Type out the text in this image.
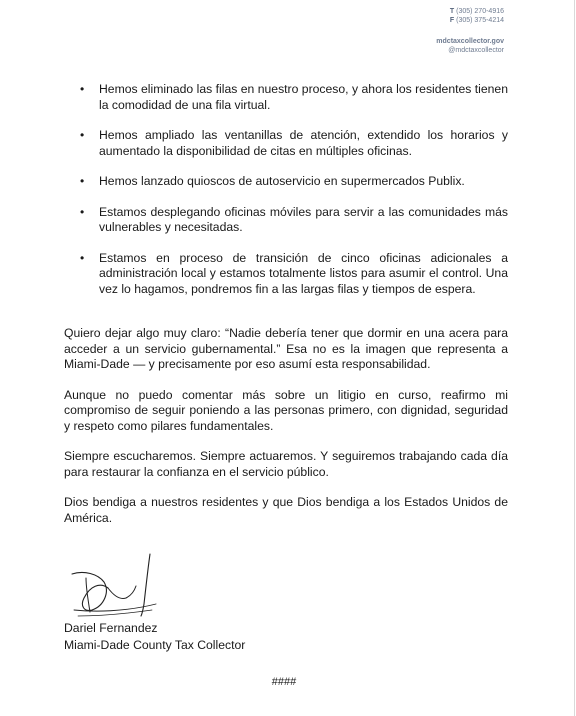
T (305) 270-4916
F (305) 375-4214
mdctaxcollector.gov
@mdctaxcollector
• Hemos eliminado las filas en nuestro proceso, y ahora los residentes tienen la comodidad de una fila virtual.
• Hemos ampliado las ventanillas de atención, extendido los horarios y aumentado la disponibilidad de citas en múltiples oficinas.
• Hemos lanzado quioscos de autoservicio en supermercados Publix.
• Estamos desplegando oficinas móviles para servir a las comunidades más vulnerables y necesitadas.
• Estamos en proceso de transición de cinco oficinas adicionales a administración local y estamos totalmente listos para asumir el control. Una vez lo hagamos, pondremos fin a las largas filas y tiempos de espera.

Quiero dejar algo muy claro: “Nadie debería tener que dormir en una acera para acceder a un servicio gubernamental.” Esa no es la imagen que representa a Miami-Dade — y precisamente por eso asumí esta responsabilidad.

Aunque no puedo comentar más sobre un litigio en curso, reafirmo mi compromiso de seguir poniendo a las personas primero, con dignidad, seguridad y respeto como pilares fundamentales.

Siempre escucharemos. Siempre actuaremos. Y seguiremos trabajando cada día para restaurar la confianza en el servicio público.

Dios bendiga a nuestros residentes y que Dios bendiga a los Estados Unidos de América.

Dariel Fernandez
Miami-Dade County Tax Collector
####
